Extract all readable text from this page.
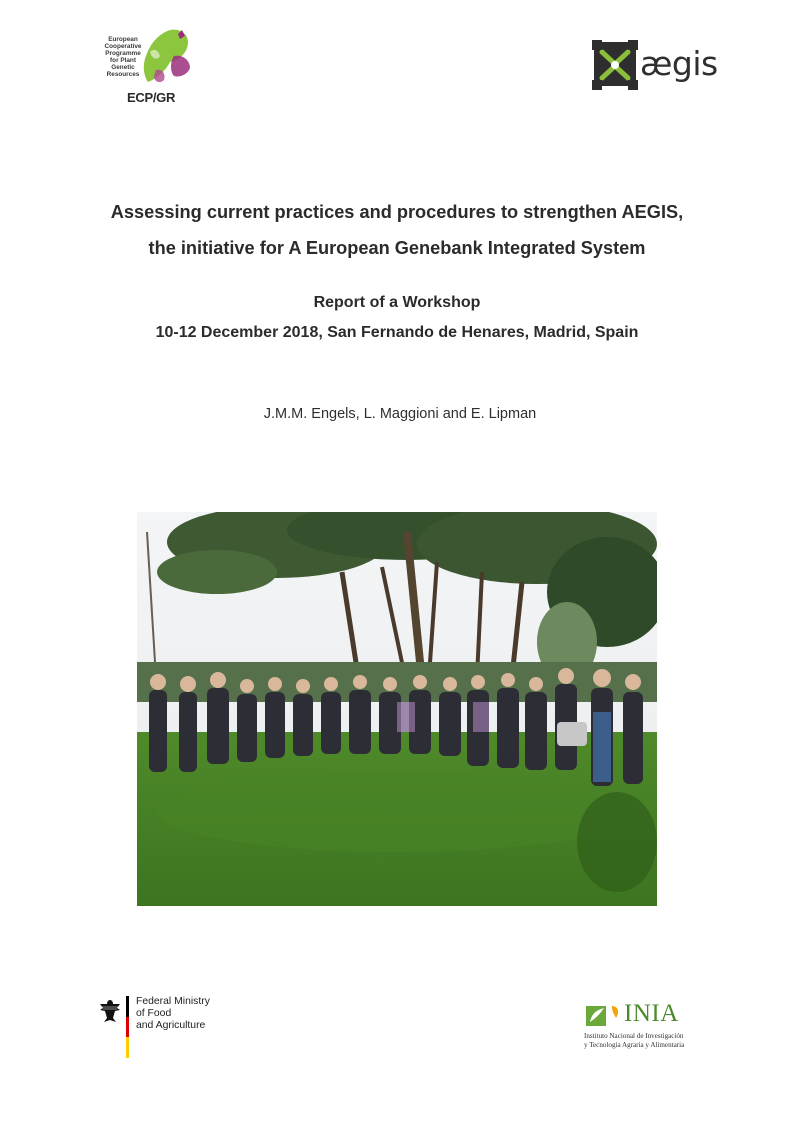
European
Cooperative
Programme
for Plant
Genetic
Resources
ECP/GR
ægis
Assessing current practices and procedures to strengthen AEGIS,
the initiative for A European Genebank Integrated System
Report of a Workshop
10-12 December 2018, San Fernando de Henares, Madrid, Spain
J.M.M. Engels, L. Maggioni and E. Lipman
Federal Ministry
of Food
and Agriculture	INIA
Instituto Nacional de Investigación
y Tecnología Agraria y Alimentaria
